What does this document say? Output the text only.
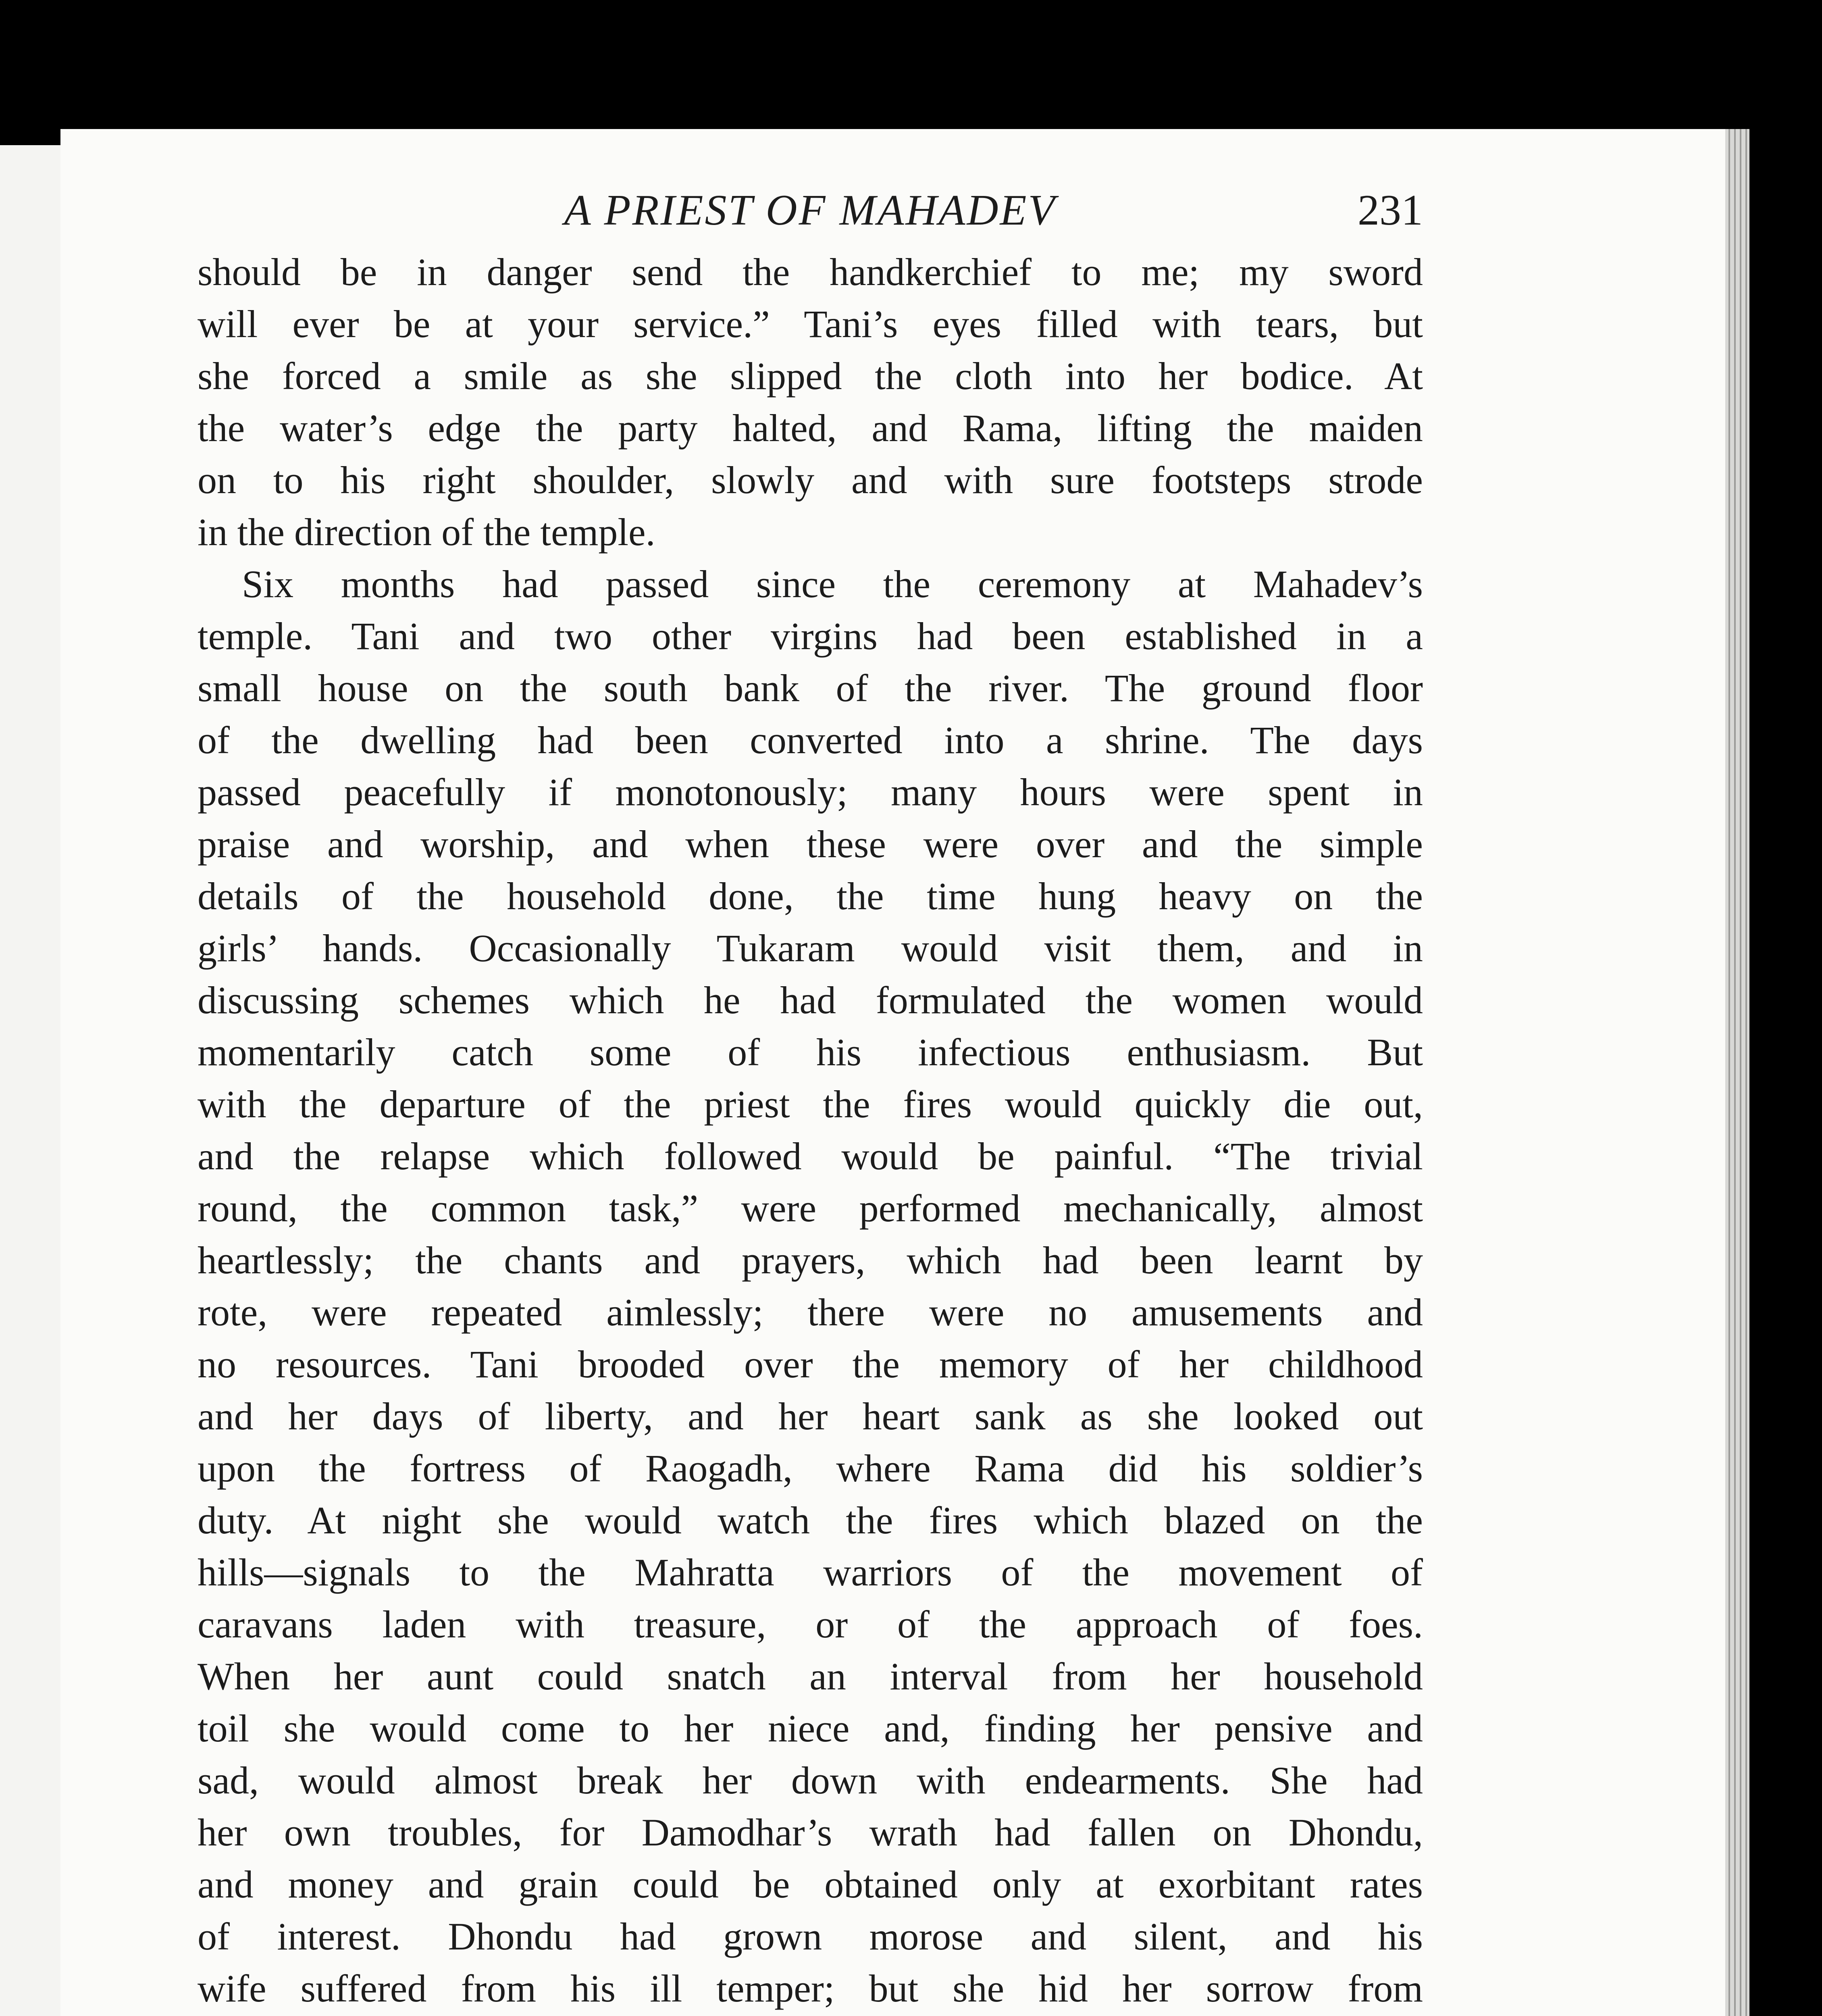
A PRIEST OF MAHADEV	231
should be in danger send the handkerchief to me; my sword
will ever be at your service.” Tani’s eyes filled with tears, but
she forced a smile as she slipped the cloth into her bodice. At
the water’s edge the party halted, and Rama, lifting the maiden
on to his right shoulder, slowly and with sure footsteps strode
in the direction of the temple.
Six months had passed since the ceremony at Mahadev’s
temple. Tani and two other virgins had been established in a
small house on the south bank of the river. The ground floor
of the dwelling had been converted into a shrine. The days
passed peacefully if monotonously; many hours were spent in
praise and worship, and when these were over and the simple
details of the household done, the time hung heavy on the
girls’ hands. Occasionally Tukaram would visit them, and in
discussing schemes which he had formulated the women would
momentarily catch some of his infectious enthusiasm. But
with the departure of the priest the fires would quickly die out,
and the relapse which followed would be painful. “The trivial
round, the common task,” were performed mechanically, almost
heartlessly; the chants and prayers, which had been learnt by
rote, were repeated aimlessly; there were no amusements and
no resources. Tani brooded over the memory of her childhood
and her days of liberty, and her heart sank as she looked out
upon the fortress of Raogadh, where Rama did his soldier’s
duty. At night she would watch the fires which blazed on the
hills—signals to the Mahratta warriors of the movement of
caravans laden with treasure, or of the approach of foes.
When her aunt could snatch an interval from her household
toil she would come to her niece and, finding her pensive and
sad, would almost break her down with endearments. She had
her own troubles, for Damodhar’s wrath had fallen on Dhondu,
and money and grain could be obtained only at exorbitant rates
of interest. Dhondu had grown morose and silent, and his
wife suffered from his ill temper; but she hid her sorrow from
